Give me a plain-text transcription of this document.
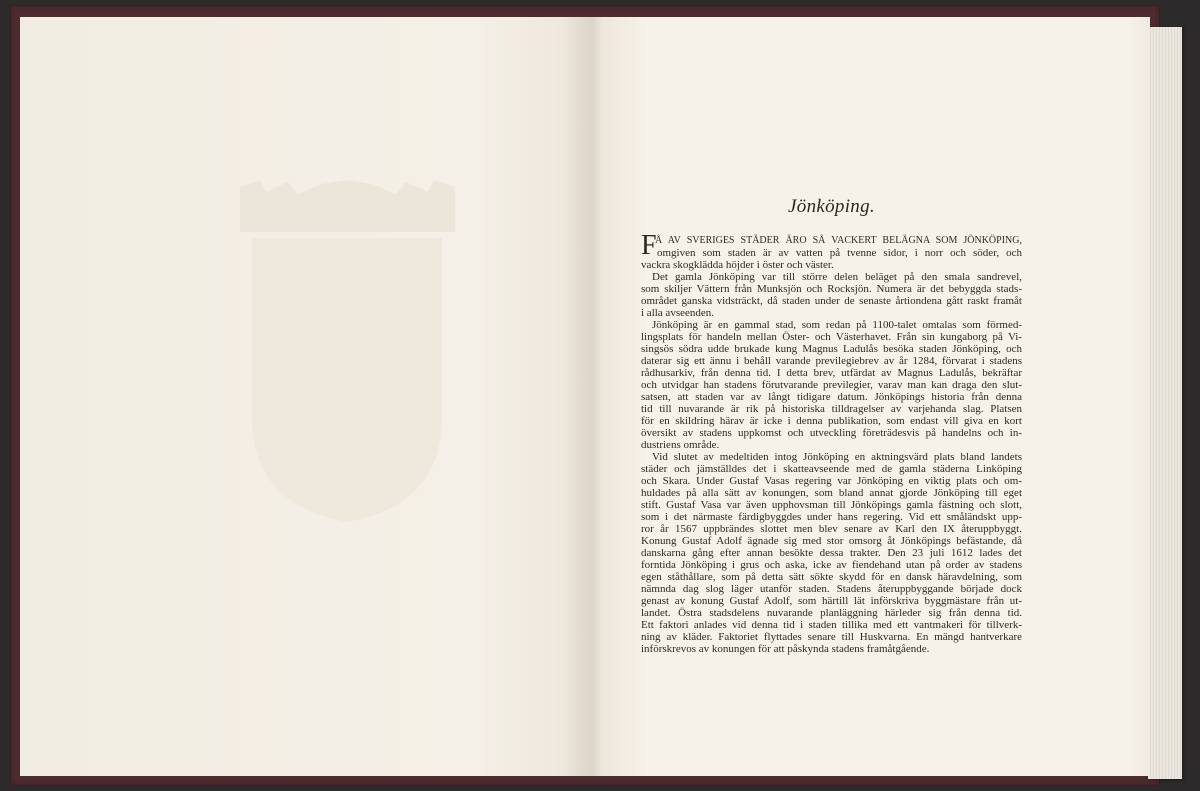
Jönköping.
F
Å AV SVERIGES STÄDER ÄRO SÅ VACKERT BELÄGNA SOM JÖNKÖPING,
omgiven som staden är av vatten på tvenne sidor, i norr och söder, och
vackra skogklädda höjder i öster och väster.
Det gamla Jönköping var till större delen beläget på den smala sandrevel,
som skiljer Vättern från Munksjön och Rocksjön. Numera är det bebyggda stads-
området ganska vidsträckt, då staden under de senaste årtiondena gått raskt framåt
i alla avseenden.
Jönköping är en gammal stad, som redan på 1100-talet omtalas som förmed-
lingsplats för handeln mellan Öster- och Västerhavet. Från sin kungaborg på Vi-
singsös södra udde brukade kung Magnus Ladulås besöka staden Jönköping, och
daterar sig ett ännu i behåll varande previlegiebrev av år 1284, förvarat i stadens
rådhusarkiv, från denna tid. I detta brev, utfärdat av Magnus Ladulås, bekräftar
och utvidgar han stadens förutvarande previlegier, varav man kan draga den slut-
satsen, att staden var av långt tidigare datum. Jönköpings historia från denna
tid till nuvarande är rik på historiska tilldragelser av varjehanda slag. Platsen
för en skildring härav är icke i denna publikation, som endast vill giva en kort
översikt av stadens uppkomst och utveckling företrädesvis på handelns och in-
dustriens område.
Vid slutet av medeltiden intog Jönköping en aktningsvärd plats bland landets
städer och jämställdes det i skatteavseende med de gamla städerna Linköping
och Skara. Under Gustaf Vasas regering var Jönköping en viktig plats och om-
huldades på alla sätt av konungen, som bland annat gjorde Jönköping till eget
stift. Gustaf Vasa var även upphovsman till Jönköpings gamla fästning och slott,
som i det närmaste färdigbyggdes under hans regering. Vid ett småländskt upp-
ror år 1567 uppbrändes slottet men blev senare av Karl den IX återuppbyggt.
Konung Gustaf Adolf ägnade sig med stor omsorg åt Jönköpings befästande, då
danskarna gång efter annan besökte dessa trakter. Den 23 juli 1612 lades det
forntida Jönköping i grus och aska, icke av fiendehand utan på order av stadens
egen ståthållare, som på detta sätt sökte skydd för en dansk häravdelning, som
nämnda dag slog läger utanför staden. Stadens återuppbyggande började dock
genast av konung Gustaf Adolf, som härtill lät införskriva byggmästare från ut-
landet. Östra stadsdelens nuvarande planläggning härleder sig från denna tid.
Ett faktori anlades vid denna tid i staden tillika med ett vantmakeri för tillverk-
ning av kläder. Faktoriet flyttades senare till Huskvarna. En mängd hantverkare
införskrevos av konungen för att påskynda stadens framåtgående.
